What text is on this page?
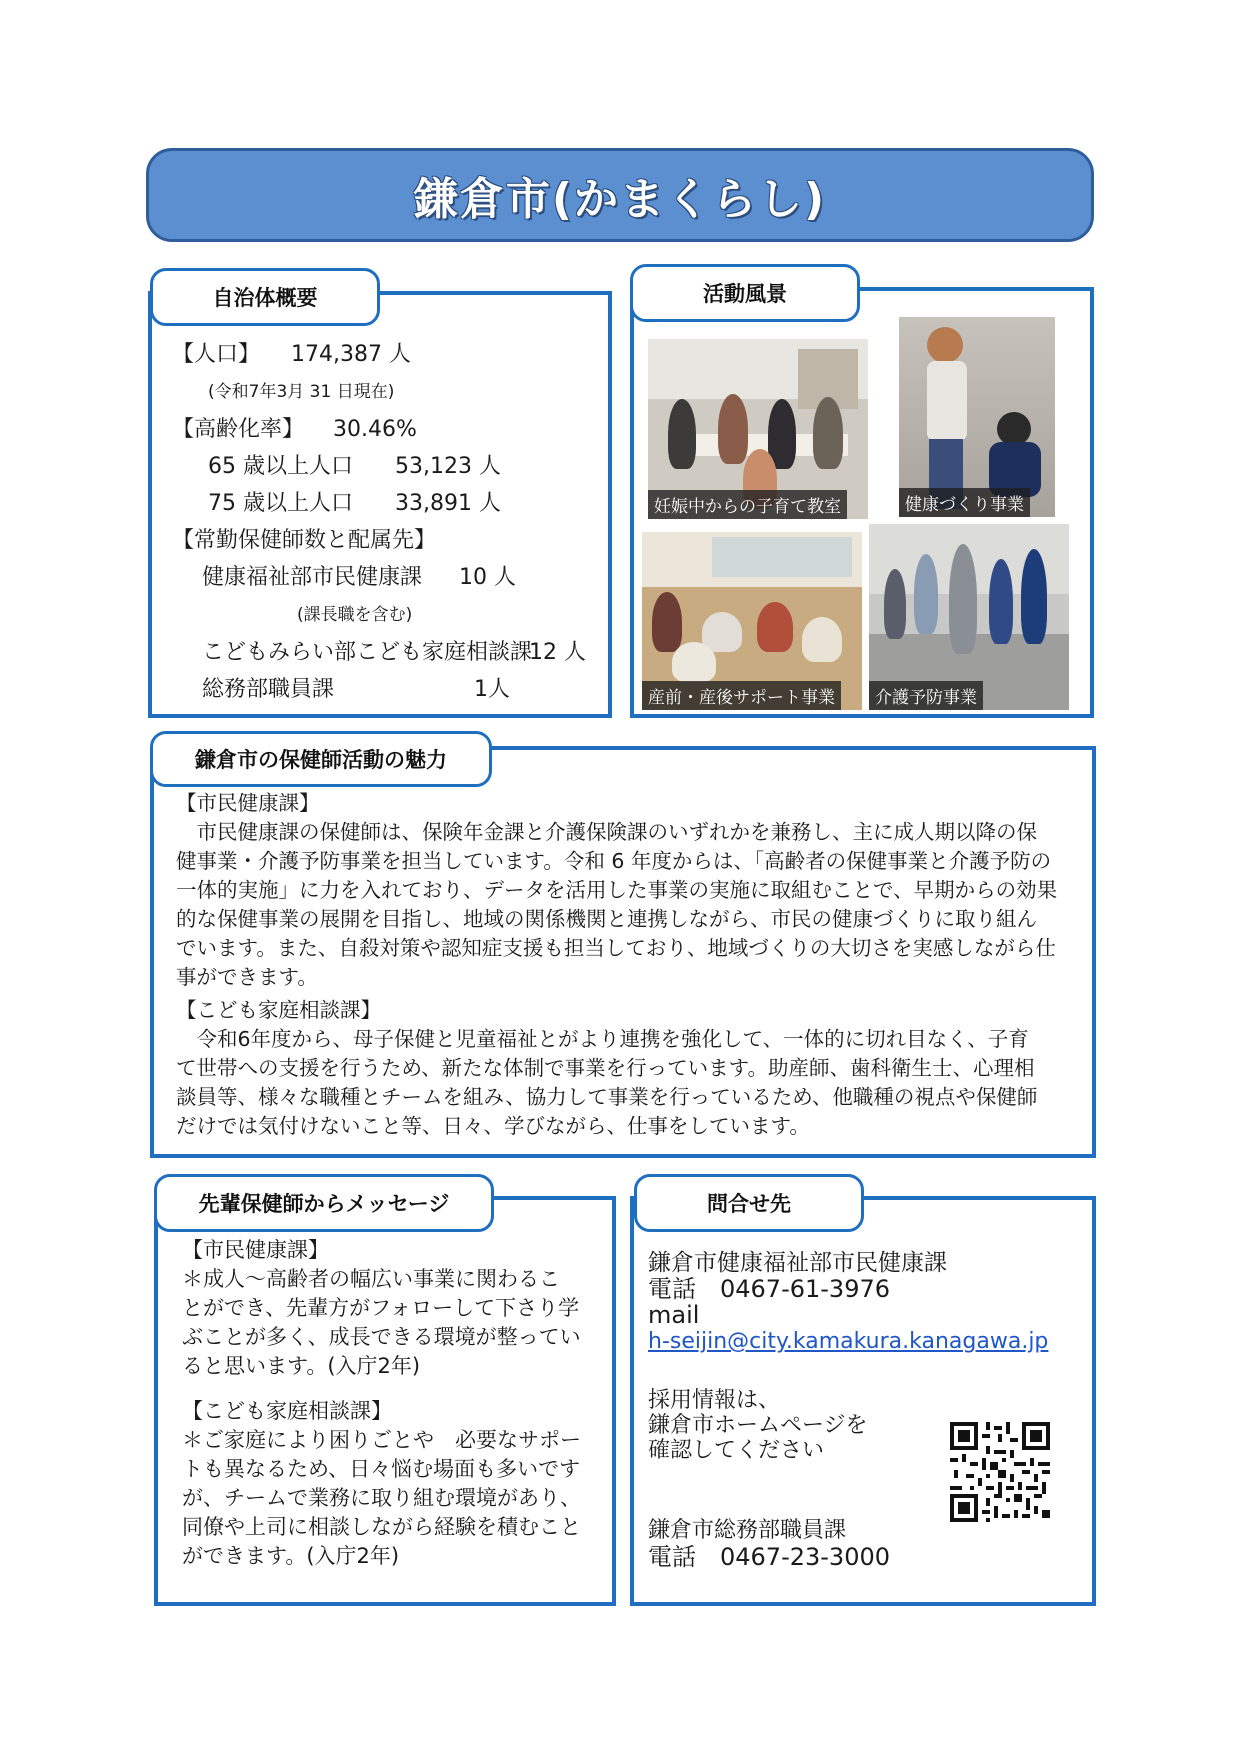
鎌倉市(かまくらし)
自治体概要
【人口】 174,387 人
(令和7年3月 31 日現在)
【高齢化率】 30.46%
65 歳以上人口 53,123 人
75 歳以上人口 33,891 人
【常勤保健師数と配属先】
健康福祉部市民健康課 10 人
(課長職を含む)
こどもみらい部こども家庭相談課 12 人
総務部職員課	1人
活動風景
妊娠中からの子育て教室	健康づくり事業
産前・産後サポート事業	介護予防事業
鎌倉市の保健師活動の魅力
【市民健康課】
　市民健康課の保健師は、保険年金課と介護保険課のいずれかを兼務し、主に成人期以降の保
健事業・介護予防事業を担当しています。令和 6 年度からは、「高齢者の保健事業と介護予防の
一体的実施」に力を入れており、データを活用した事業の実施に取組むことで、早期からの効果
的な保健事業の展開を目指し、地域の関係機関と連携しながら、市民の健康づくりに取り組ん
でいます。また、自殺対策や認知症支援も担当しており、地域づくりの大切さを実感しながら仕
事ができます。
【こども家庭相談課】
　令和6年度から、母子保健と児童福祉とがより連携を強化して、一体的に切れ目なく、子育
て世帯への支援を行うため、新たな体制で事業を行っています。助産師、歯科衛生士、心理相
談員等、様々な職種とチームを組み、協力して事業を行っているため、他職種の視点や保健師
だけでは気付けないこと等、日々、学びながら、仕事をしています。
先輩保健師からメッセージ
【市民健康課】
＊成人～高齢者の幅広い事業に関わるこ
とができ、先輩方がフォローして下さり学
ぶことが多く、成長できる環境が整ってい
ると思います。(入庁2年)
【こども家庭相談課】
＊ご家庭により困りごとや　必要なサポー
トも異なるため、日々悩む場面も多いです
が、チームで業務に取り組む環境があり、
同僚や上司に相談しながら経験を積むこと
ができます。(入庁2年)
問合せ先
鎌倉市健康福祉部市民健康課
電話　0467-61-3976
mail
h-seijin@city.kamakura.kanagawa.jp
採用情報は、
鎌倉市ホームページを
確認してください
鎌倉市総務部職員課
電話　0467-23-3000
